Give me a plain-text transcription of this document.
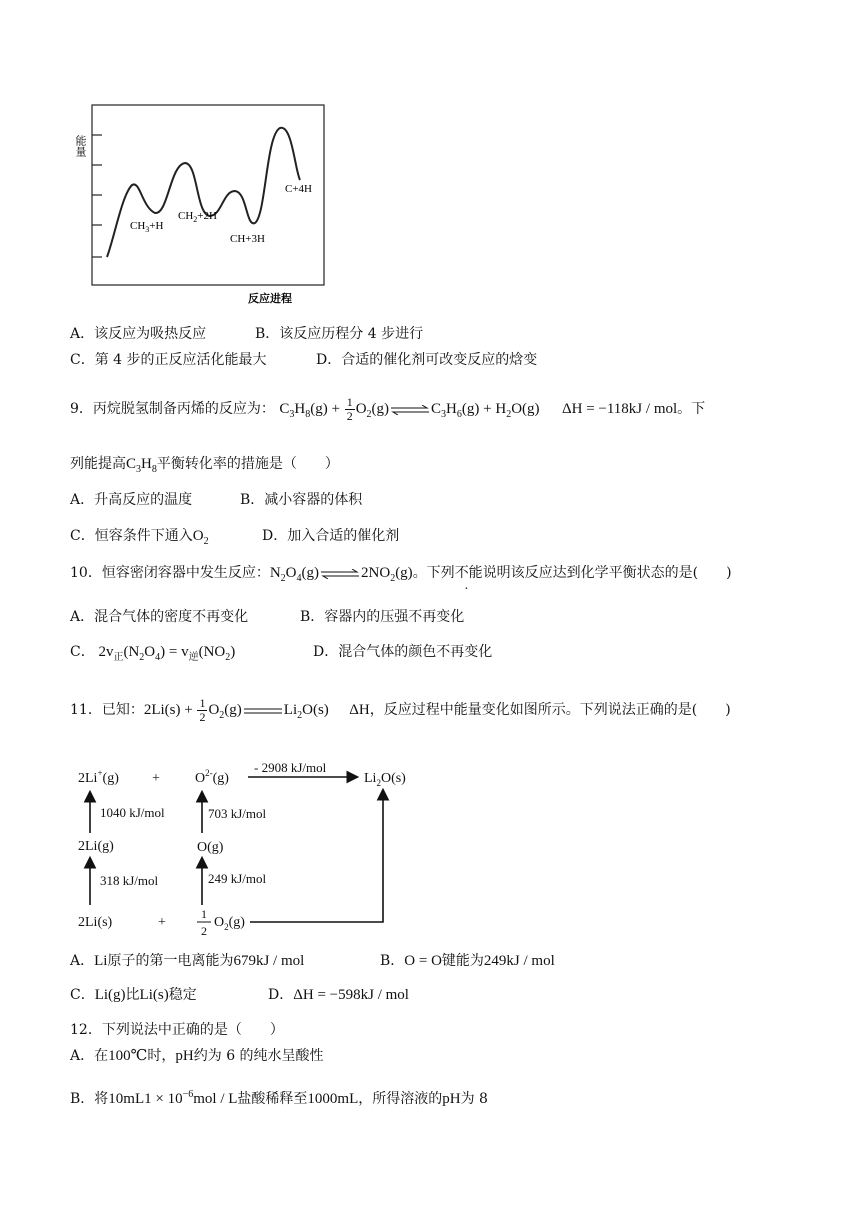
能量
$CH_3+H$
$CH_2+2H$
CH+3H
C+4H
反应进程
A．该反应为吸热反应	B．该反应历程分 4 步进行
C．第 4 步的正反应活化能最大	D．合适的催化剂可改变反应的焓变
9．丙烷脱氢制备丙烯的反应为： $C_3H_8(g) + \frac{1}{2} O_2(g)$	$C_3H_6(g) + H_2O(g) \Delta H = -118kJ$ / mol。下
列能提高$C_3H_8$平衡转化率的措施是（　　）
A．升高反应的温度	B．减小容器的体积
C．恒容条件下通入$O_2$	D．加入合适的催化剂
10．恒容密闭容器中发生反应：$N_2O_4(g)$	$2NO_2(g)$。下列不能说明该反应达到化学平衡状态的是(　　)
A．混合气体的密度不再变化	B．容器内的压强不再变化
C． $2v_正(N_2O_4) = v_逆(NO_2)$	D．混合气体的颜色不再变化
11．已知：$2Li(s) + \frac{1}{2} O_2(g)$	$Li_2O(s)$ ΔH，反应过程中能量变化如图所示。下列说法正确的是(　　)
2Li+(g) +	$O^{2-}(g)$	$Li_2O(s)$
- 2908 kJ/mol
1040 kJ/mol	703 kJ/mol
2Li(g)	O(g)
318 kJ/mol	249 kJ/mol
2Li(s)	+
1
2
$O_2(g)$
A．Li原子的第一电离能为679kJ / mol	B．O = O键能为249kJ / mol
C．Li(g)比Li(s)稳定	D．ΔH = −598kJ / mol
12．下列说法中正确的是（　　）
A．在100℃时，pH约为 6 的纯水呈酸性
B．将$10mL1 \times 10^{-6}mol / L$盐酸稀释至1000mL，所得溶液的pH为 8
